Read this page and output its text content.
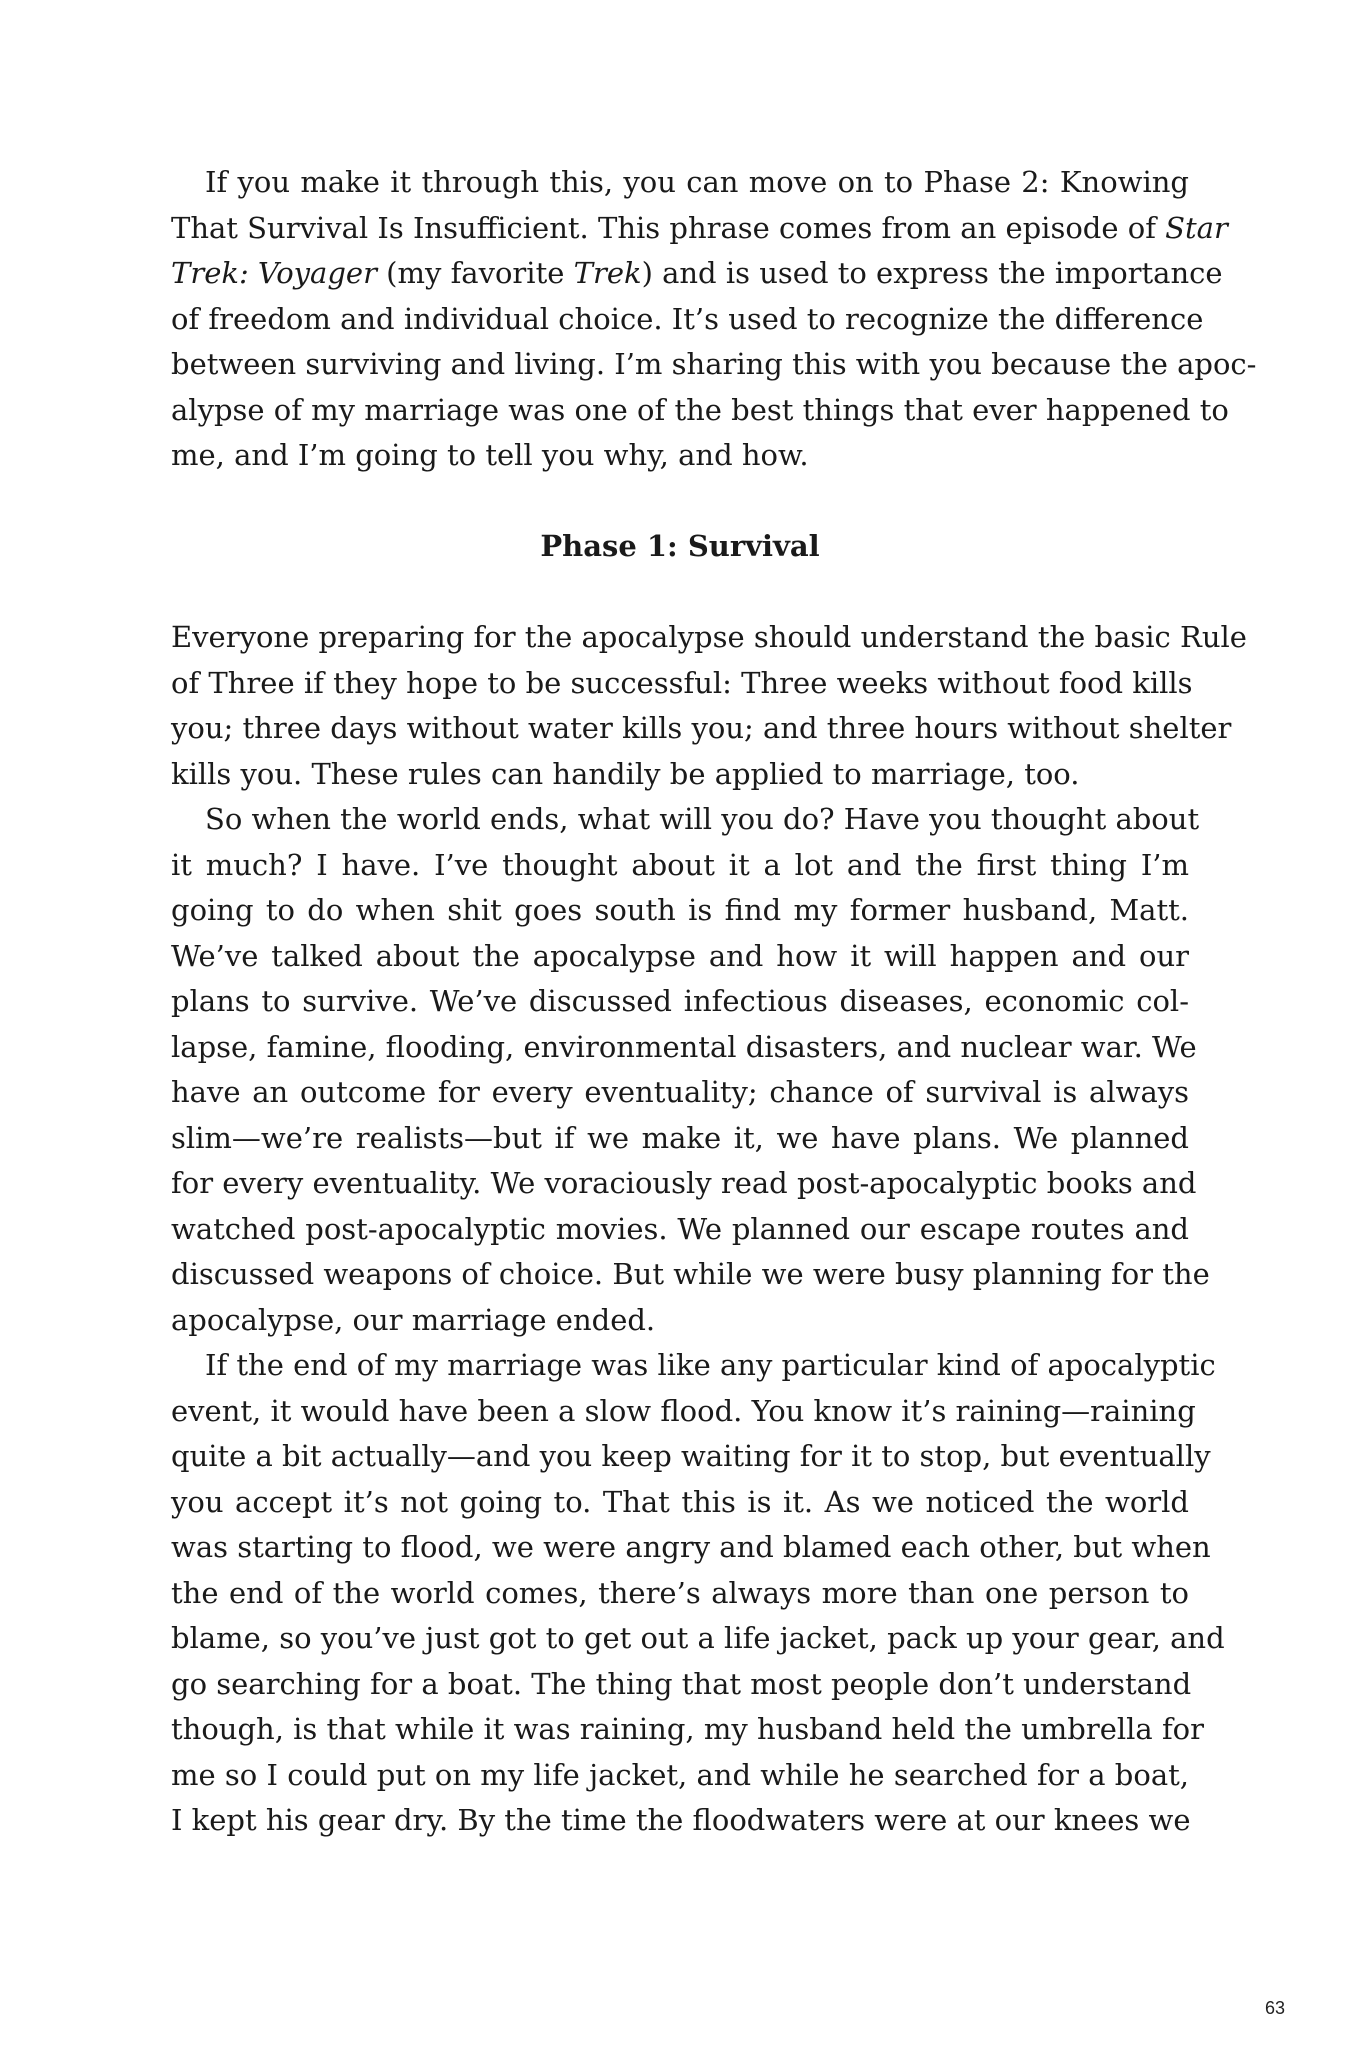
If you make it through this, you can move on to Phase 2: Knowing
That Survival Is Insufficient. This phrase comes from an episode of Star
Trek: Voyager (my favorite Trek) and is used to express the importance
of freedom and individual choice. It’s used to recognize the difference
between surviving and living. I’m sharing this with you because the apoc-
alypse of my marriage was one of the best things that ever happened to
me, and I’m going to tell you why, and how.
Phase 1: Survival
Everyone preparing for the apocalypse should understand the basic Rule
of Three if they hope to be successful: Three weeks without food kills
you; three days without water kills you; and three hours without shelter
kills you. These rules can handily be applied to marriage, too.
So when the world ends, what will you do? Have you thought about
it much? I have. I’ve thought about it a lot and the first thing I’m
going to do when shit goes south is find my former husband, Matt.
We’ve talked about the apocalypse and how it will happen and our
plans to survive. We’ve discussed infectious diseases, economic col-
lapse, famine, flooding, environmental disasters, and nuclear war. We
have an outcome for every eventuality; chance of survival is always
slim—we’re realists—but if we make it, we have plans. We planned
for every eventuality. We voraciously read post-apocalyptic books and
watched post-apocalyptic movies. We planned our escape routes and
discussed weapons of choice. But while we were busy planning for the
apocalypse, our marriage ended.
If the end of my marriage was like any particular kind of apocalyptic
event, it would have been a slow flood. You know it’s raining—raining
quite a bit actually—and you keep waiting for it to stop, but eventually
you accept it’s not going to. That this is it. As we noticed the world
was starting to flood, we were angry and blamed each other, but when
the end of the world comes, there’s always more than one person to
blame, so you’ve just got to get out a life jacket, pack up your gear, and
go searching for a boat. The thing that most people don’t understand
though, is that while it was raining, my husband held the umbrella for
me so I could put on my life jacket, and while he searched for a boat,
I kept his gear dry. By the time the floodwaters were at our knees we
63
